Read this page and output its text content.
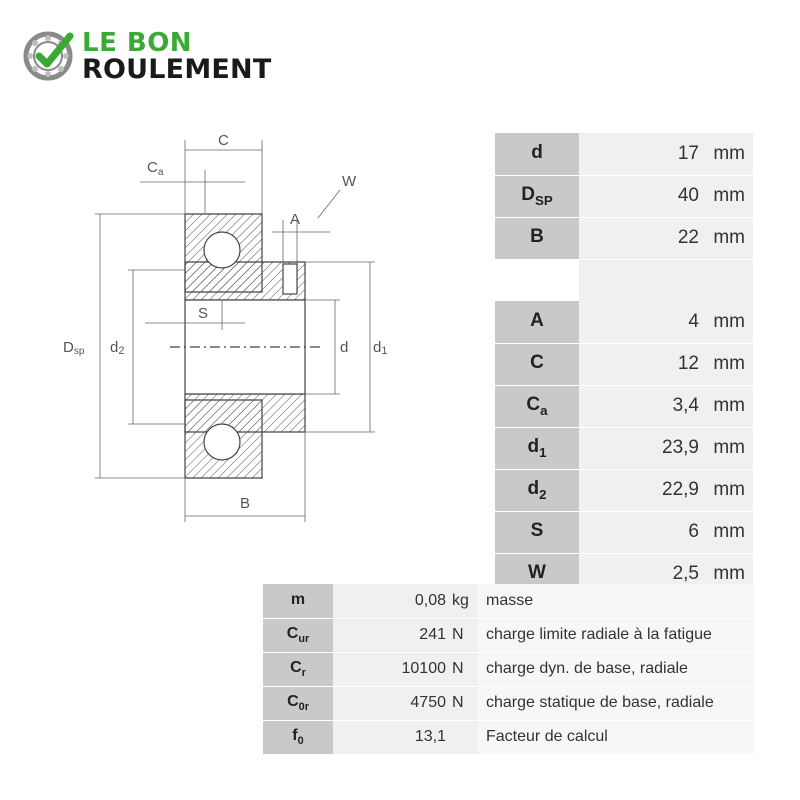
LE BON
ROULEMENT
C
$C_a$
W
A
S
Dsp d2	d d1
B
d	17 mm
$D_{SP}$	40 mm
B	22 mm

A	4 mm
C	12 mm
$C_a$	3,4 mm
$d_1$	23,9 mm
$d_2$	22,9 mm
S	6 mm
W	2,5 mm
m	0,08 kg	masse
$C_{ur}$	241 N	charge limite radiale à la fatigue
$C_r$	10100 N	charge dyn. de base, radiale
$C_{0r}$	4750 N	charge statique de base, radiale
$f_0$	13,1	Facteur de calcul
